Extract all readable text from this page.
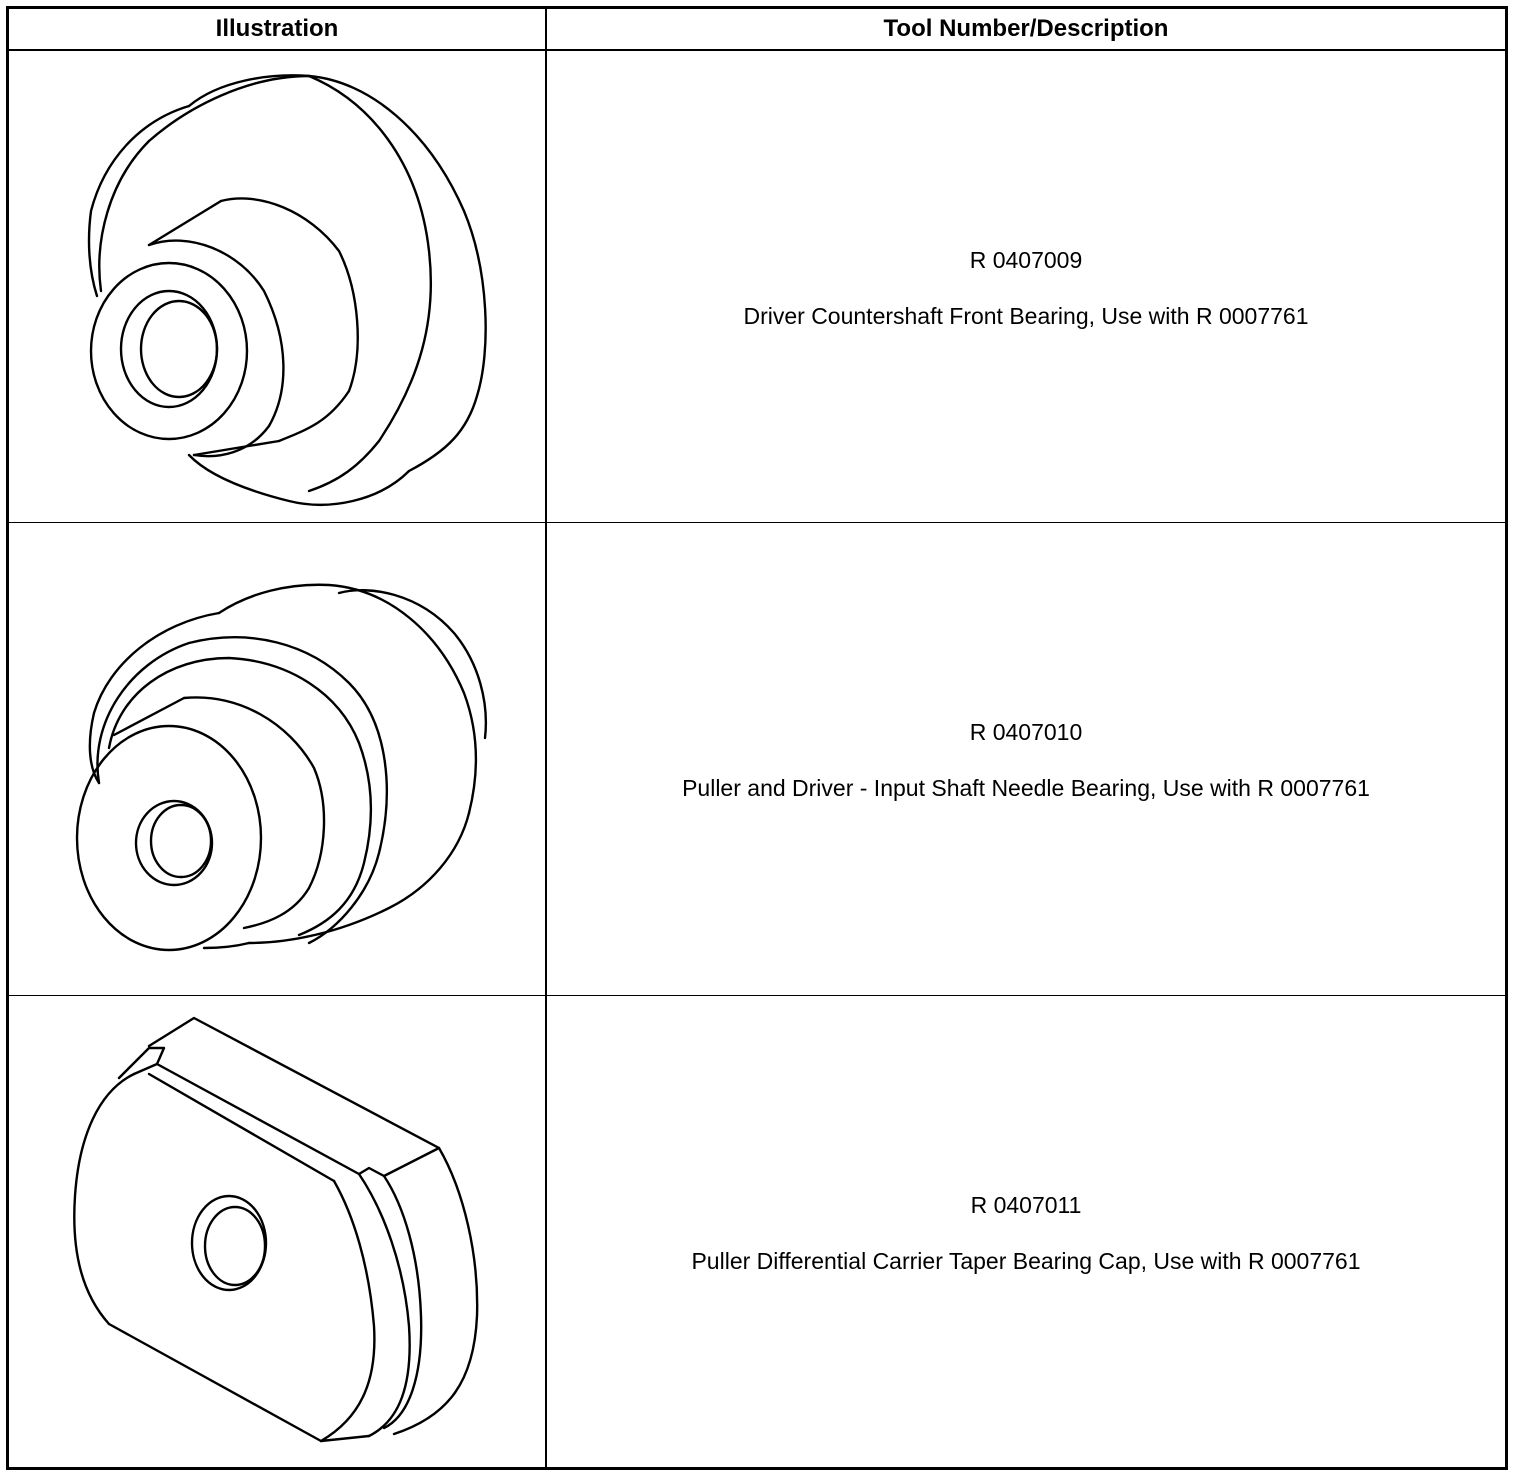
Illustration	Tool Number/Description
R 0407009
Driver Countershaft Front Bearing, Use with R 0007761
R 0407010
Puller and Driver - Input Shaft Needle Bearing, Use with R 0007761
R 0407011
Puller Differential Carrier Taper Bearing Cap, Use with R 0007761
